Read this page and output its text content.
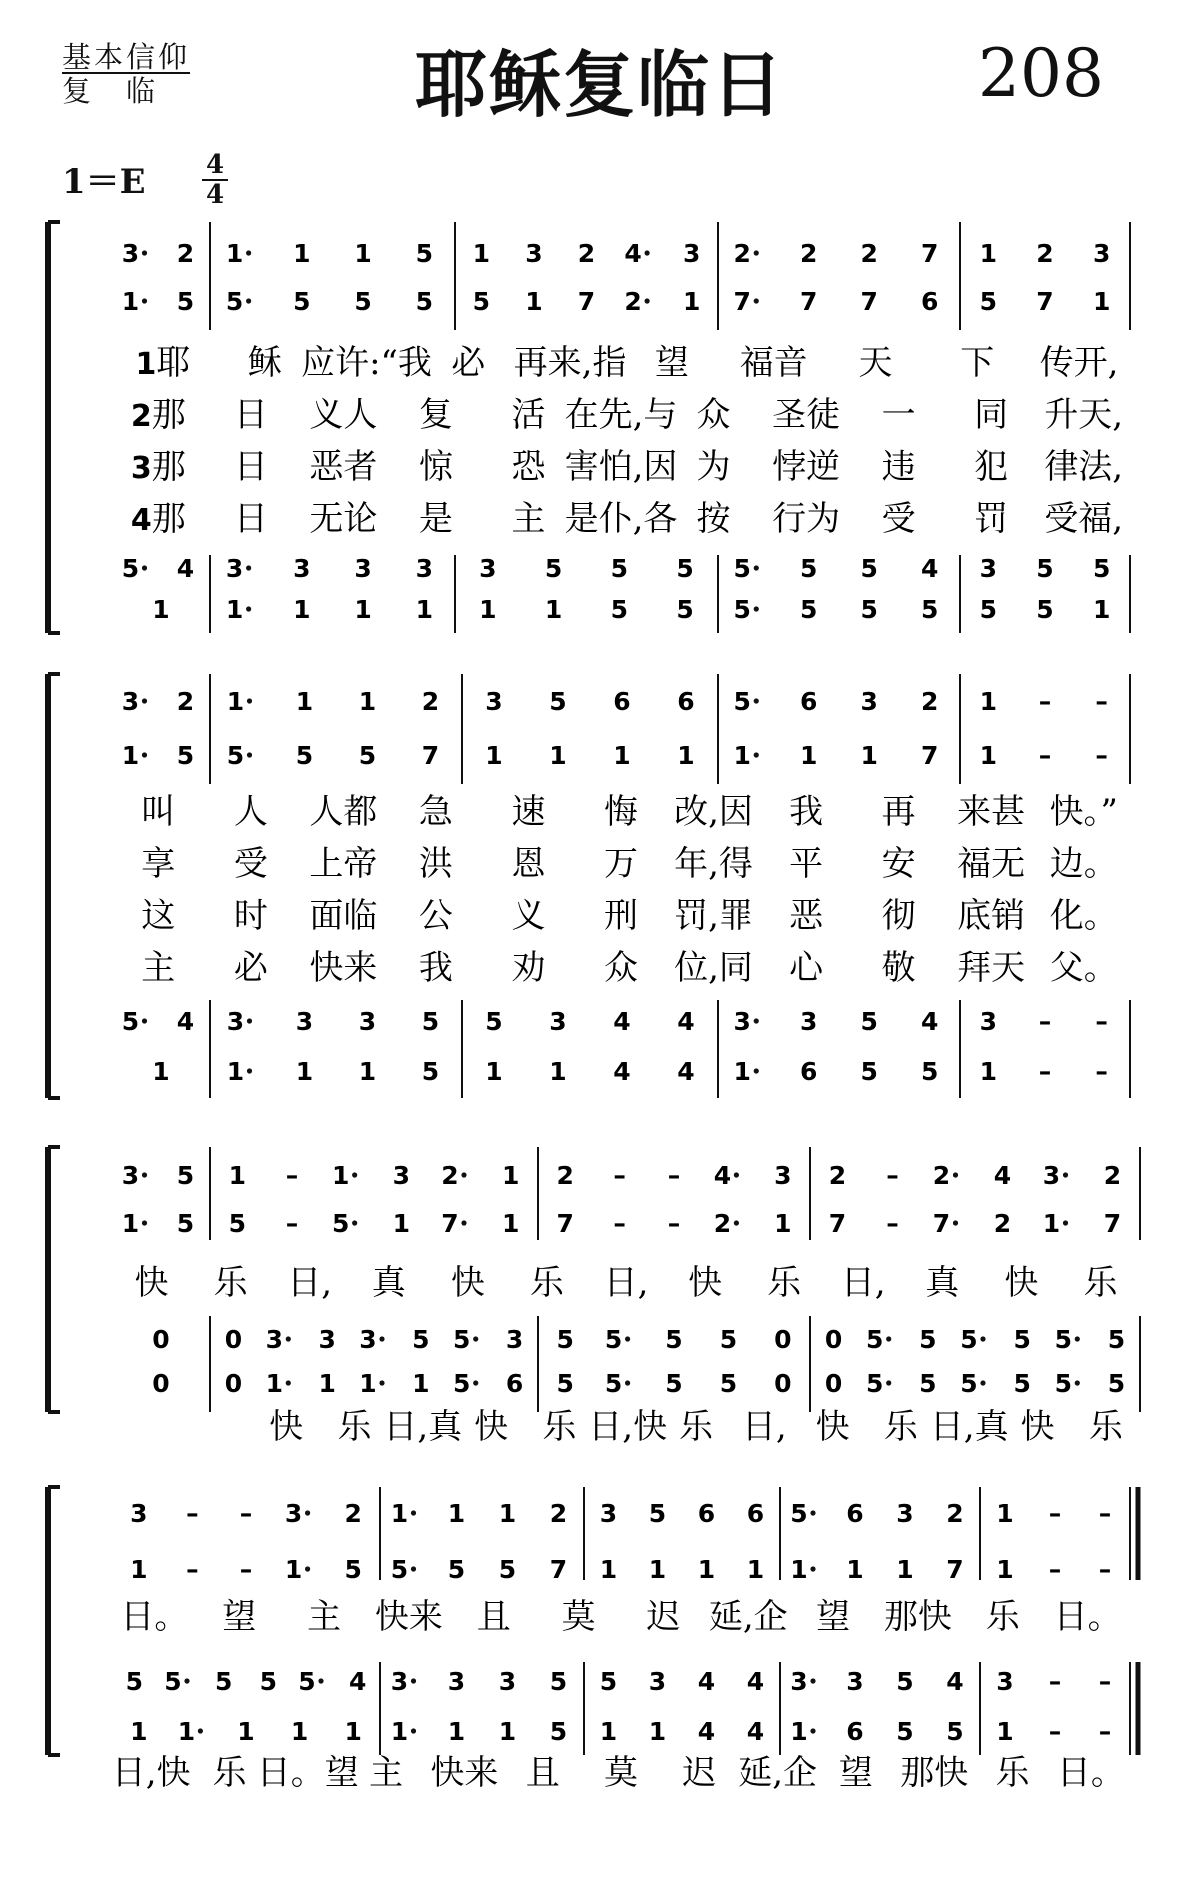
基本信仰
复　临	耶稣复临日	208
1＝E 4
4
3 2 1 1 1 5 1 3 2 4 3 2 2 2 7 1 2 3
1 5 5 5 5 5 5 1 7 2 1 7 7 7 6 5 7 1
5 4 3 3 3 3 3 5 5 5 5 5 5 4 3 5 5
1 1 1 1 1 1 1 5 5 5 5 5 5 5 5 1
1耶 稣 应许:“我 必 再来,指 望 福音 天 下 传开,
2那 日 义人 复 活 在先,与 众 圣徒 一 同 升天,
3那 日 恶者 惊 恐 害怕,因 为 悖逆 违 犯 律法,
4那 日 无论 是 主 是仆,各 按 行为 受 罚 受福,
3 2 1 1 1 2 3 5 6 6 5 6 3 2 1 – –
1 5 5 5 5 7 1 1 1 1 1 1 1 7 1 – –
5 4 3 3 3 5 5 3 4 4 3 3 5 4 3 – –
1 1 1 1 5 1 1 4 4 1 6 5 5 1 – –
叫 人 人都 急 速 悔 改,因 我 再 来甚 快。”
享 受 上帝 洪 恩 万 年,得 平 安 福无 边。
这 时 面临 公 义 刑 罚,罪 恶 彻 底销 化。
主 必 快来 我 劝 众 位,同 心 敬 拜天 父。
3 5 1 – 1 3 2 1 2 – – 4 3 2 – 2 4 3 2
1 5 5 – 5 1 7 1 7 – – 2 1 7 – 7 2 1 7
0 0 3 3 3 5 5 3 5 5 5 5 0 0 5 5 5 5 5 5
0 0 1 1 1 1 5 6 5 5 5 5 0 0 5 5 5 5 5 5
快 乐 日, 真 快 乐 日, 快 乐 日, 真 快 乐
快 乐 日,真 快 乐 日,快 乐 日, 快 乐 日,真 快 乐
3 – – 3 2 1 1 1 2 3 5 6 6 5 6 3 2 1 – –
1 – – 1 5 5 5 5 7 1 1 1 1 1 1 1 7 1 – –
5 5 5 5 5 4 3 3 3 5 5 3 4 4 3 3 5 4 3 – –
1 1 1 1 1 1 1 1 5 1 1 4 4 1 6 5 5 1 – –
日。 望 主 快来 且 莫 迟 延,企 望 那快 乐 日。
日,快 乐 日。望 主 快来 且 莫 迟 延,企 望 那快 乐 日。
